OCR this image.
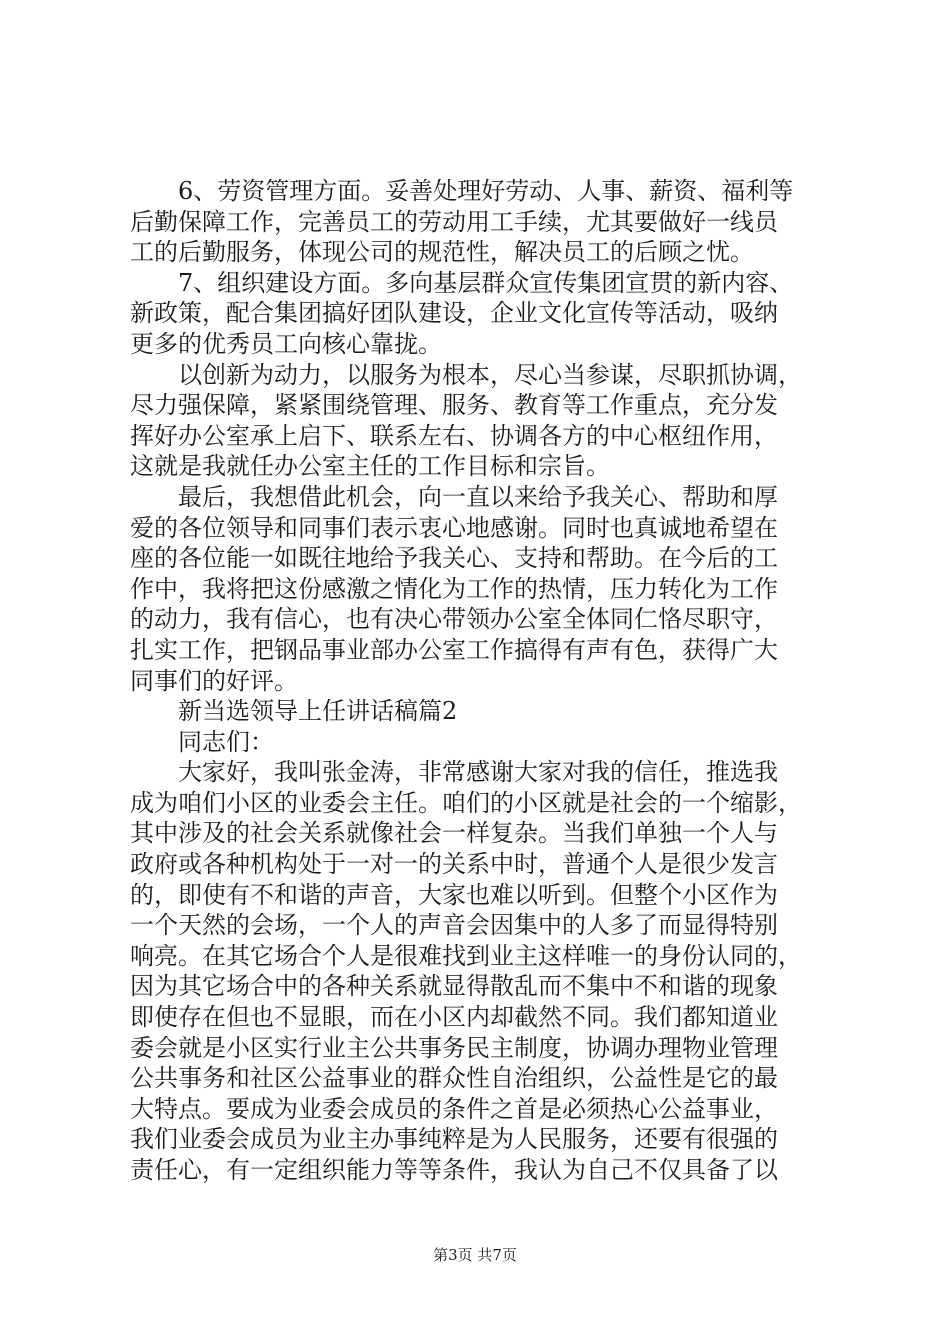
6、劳资管理方面。妥善处理好劳动、人事、薪资、福利等
后勤保障工作，完善员工的劳动用工手续，尤其要做好一线员
工的后勤服务，体现公司的规范性，解决员工的后顾之忧。
7、组织建设方面。多向基层群众宣传集团宣贯的新内容、
新政策，配合集团搞好团队建设，企业文化宣传等活动，吸纳
更多的优秀员工向核心靠拢。
以创新为动力，以服务为根本，尽心当参谋，尽职抓协调，
尽力强保障，紧紧围绕管理、服务、教育等工作重点，充分发
挥好办公室承上启下、联系左右、协调各方的中心枢纽作用，
这就是我就任办公室主任的工作目标和宗旨。
最后，我想借此机会，向一直以来给予我关心、帮助和厚
爱的各位领导和同事们表示衷心地感谢。同时也真诚地希望在
座的各位能一如既往地给予我关心、支持和帮助。在今后的工
作中，我将把这份感激之情化为工作的热情，压力转化为工作
的动力，我有信心，也有决心带领办公室全体同仁恪尽职守，
扎实工作，把钢品事业部办公室工作搞得有声有色，获得广大
同事们的好评。
新当选领导上任讲话稿篇2
同志们：
大家好，我叫张金涛，非常感谢大家对我的信任，推选我
成为咱们小区的业委会主任。咱们的小区就是社会的一个缩影，
其中涉及的社会关系就像社会一样复杂。当我们单独一个人与
政府或各种机构处于一对一的关系中时，普通个人是很少发言
的，即使有不和谐的声音，大家也难以听到。但整个小区作为
一个天然的会场，一个人的声音会因集中的人多了而显得特别
响亮。在其它场合个人是很难找到业主这样唯一的身份认同的，
因为其它场合中的各种关系就显得散乱而不集中不和谐的现象
即使存在但也不显眼，而在小区内却截然不同。我们都知道业
委会就是小区实行业主公共事务民主制度，协调办理物业管理
公共事务和社区公益事业的群众性自治组织，公益性是它的最
大特点。要成为业委会成员的条件之首是必须热心公益事业，
我们业委会成员为业主办事纯粹是为人民服务，还要有很强的
责任心，有一定组织能力等等条件，我认为自己不仅具备了以
第3页 共7页
